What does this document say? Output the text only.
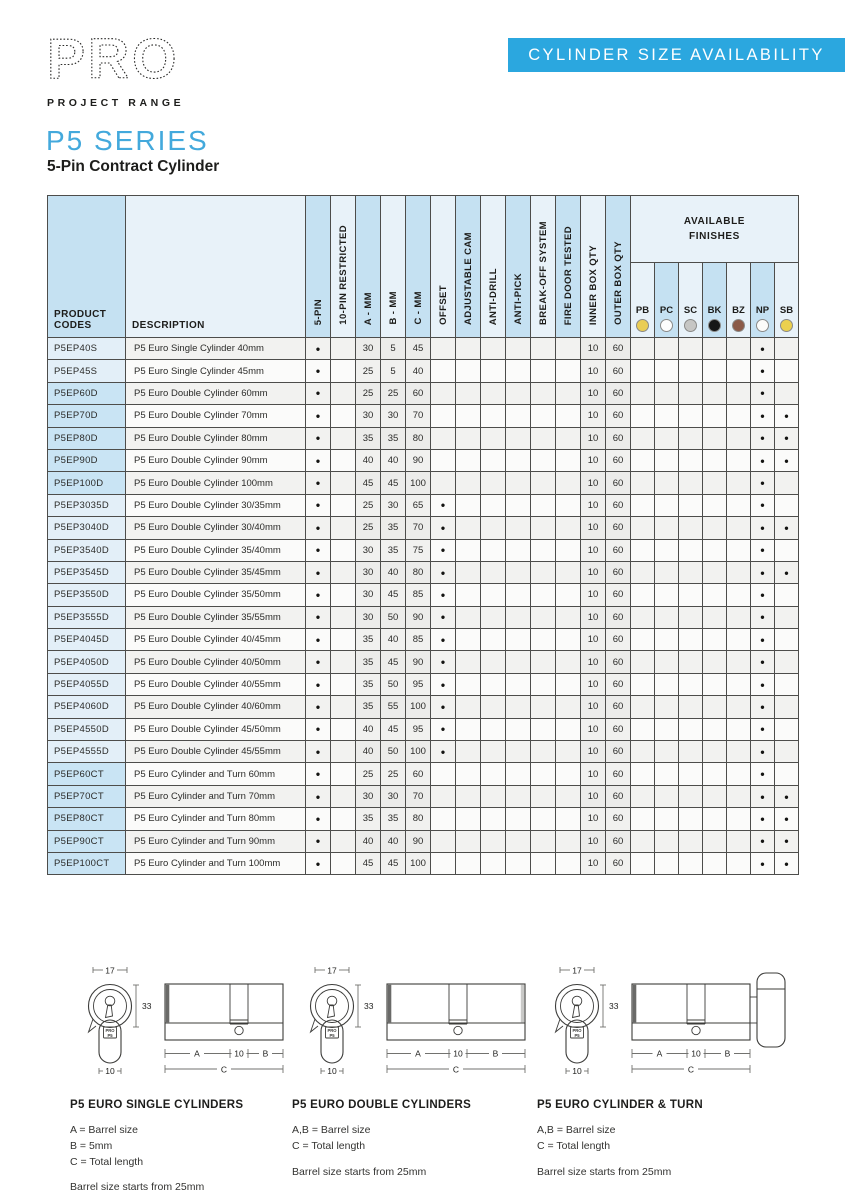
PRO
PROJECT RANGE
CYLINDER SIZE AVAILABILITY
P5 SERIES
5-Pin Contract Cylinder
PRODUCT CODES	DESCRIPTION	5-PIN	10-PIN RESTRICTED	A - MM	B - MM	C - MM	OFFSET	ADJUSTABLE CAM	ANTI-DRILL	ANTI-PICK	BREAK-OFF SYSTEM	FIRE DOOR TESTED	INNER BOX QTY	OUTER BOX QTY	AVAILABLE FINISHES						

															PB	PC	SC	BK	BZ	NP	SB

P5EP40S	P5 Euro Single Cylinder 40mm	•		30	5	45							10	60						•	
P5EP45S	P5 Euro Single Cylinder 45mm	•		25	5	40							10	60						•	
P5EP60D	P5 Euro Double Cylinder 60mm	•		25	25	60							10	60						•	
P5EP70D	P5 Euro Double Cylinder 70mm	•		30	30	70							10	60						•	•
P5EP80D	P5 Euro Double Cylinder 80mm	•		35	35	80							10	60						•	•
P5EP90D	P5 Euro Double Cylinder 90mm	•		40	40	90							10	60						•	•
P5EP100D	P5 Euro Double Cylinder 100mm	•		45	45	100							10	60						•	
P5EP3035D	P5 Euro Double Cylinder 30/35mm	•		25	30	65	•						10	60						•	
P5EP3040D	P5 Euro Double Cylinder 30/40mm	•		25	35	70	•						10	60						•	•
P5EP3540D	P5 Euro Double Cylinder 35/40mm	•		30	35	75	•						10	60						•	
P5EP3545D	P5 Euro Double Cylinder 35/45mm	•		30	40	80	•						10	60						•	•
P5EP3550D	P5 Euro Double Cylinder 35/50mm	•		30	45	85	•						10	60						•	
P5EP3555D	P5 Euro Double Cylinder 35/55mm	•		30	50	90	•						10	60						•	
P5EP4045D	P5 Euro Double Cylinder 40/45mm	•		35	40	85	•						10	60						•	
P5EP4050D	P5 Euro Double Cylinder 40/50mm	•		35	45	90	•						10	60						•	
P5EP4055D	P5 Euro Double Cylinder 40/55mm	•		35	50	95	•						10	60						•	
P5EP4060D	P5 Euro Double Cylinder 40/60mm	•		35	55	100	•						10	60						•	
P5EP4550D	P5 Euro Double Cylinder 45/50mm	•		40	45	95	•						10	60						•	
P5EP4555D	P5 Euro Double Cylinder 45/55mm	•		40	50	100	•						10	60						•	
P5EP60CT	P5 Euro Cylinder and Turn 60mm	•		25	25	60							10	60						•	
P5EP70CT	P5 Euro Cylinder and Turn 70mm	•		30	30	70							10	60						•	•
P5EP80CT	P5 Euro Cylinder and Turn 80mm	•		35	35	80							10	60						•	•
P5EP90CT	P5 Euro Cylinder and Turn 90mm	•		40	40	90							10	60						•	•
P5EP100CT	P5 Euro Cylinder and Turn 100mm	•		45	45	100							10	60						•	•
17
PRO
P5
33
10
A	10 B
C
P5 EURO SINGLE CYLINDERS
A = Barrel size
B = 5mm
C = Total length
Barrel size starts from 25mm
17
PRO
P5
33
10
A	10	B
C
P5 EURO DOUBLE CYLINDERS
A,B = Barrel size
C = Total length
Barrel size starts from 25mm
17
PRO
P5
33
10
A	10	B
C
P5 EURO CYLINDER & TURN
A,B = Barrel size
C = Total length
Barrel size starts from 25mm
